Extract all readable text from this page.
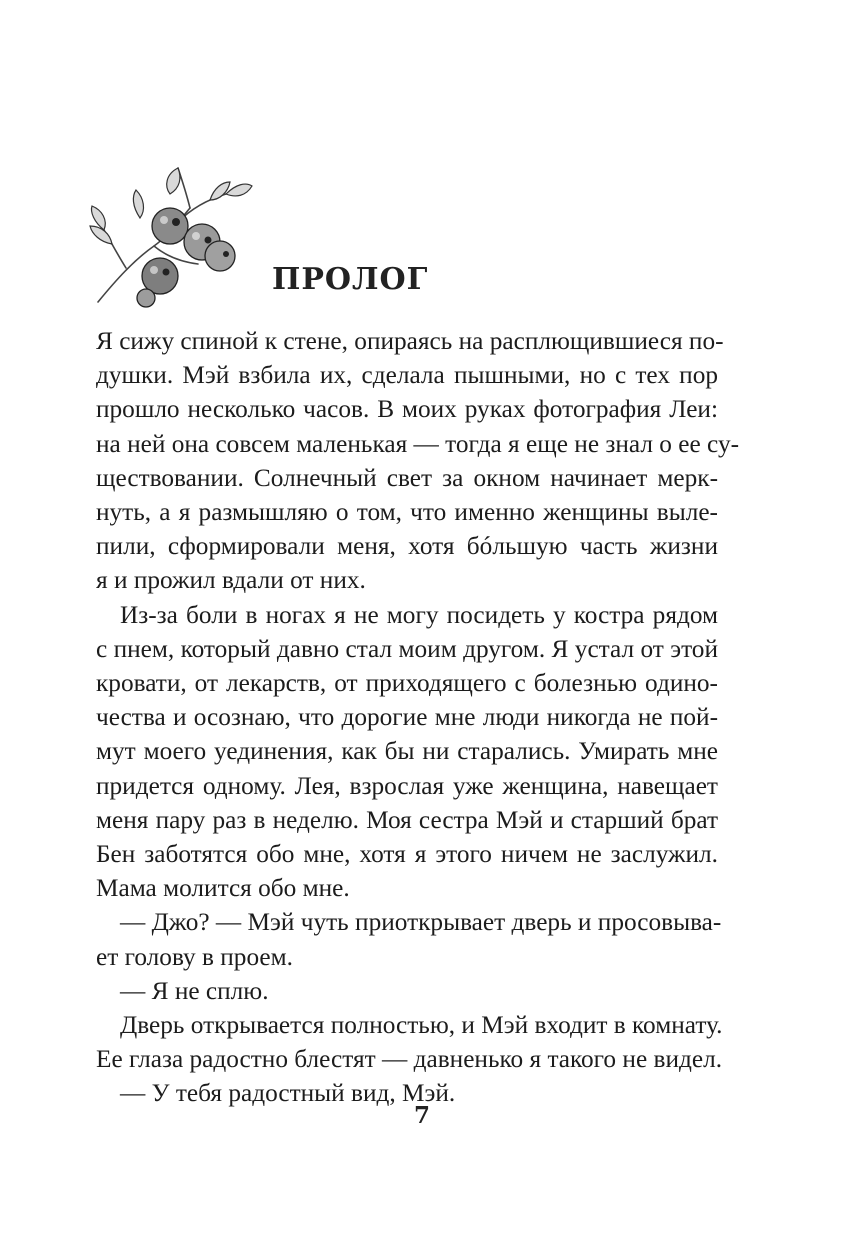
ПРОЛОГ
Я сижу спиной к стене, опираясь на расплющившиеся по-
душки. Мэй взбила их, сделала пышными, но с тех пор
прошло несколько часов. В моих руках фотография Леи:
на ней она совсем маленькая — тогда я еще не знал о ее су-
ществовании. Солнечный свет за окном начинает мерк-
нуть, а я размышляю о том, что именно женщины выле-
пили, сформировали меня, хотя бóльшую часть жизни
я и прожил вдали от них.
Из-за боли в ногах я не могу посидеть у костра рядом
с пнем, который давно стал моим другом. Я устал от этой
кровати, от лекарств, от приходящего с болезнью одино-
чества и осознаю, что дорогие мне люди никогда не пой-
мут моего уединения, как бы ни старались. Умирать мне
придется одному. Лея, взрослая уже женщина, навещает
меня пару раз в неделю. Моя сестра Мэй и старший брат
Бен заботятся обо мне, хотя я этого ничем не заслужил.
Мама молится обо мне.
— Джо? — Мэй чуть приоткрывает дверь и просовыва-
ет голову в проем.
— Я не сплю.
Дверь открывается полностью, и Мэй входит в комнату.
Ее глаза радостно блестят — давненько я такого не видел.
— У тебя радостный вид, Мэй.
7
